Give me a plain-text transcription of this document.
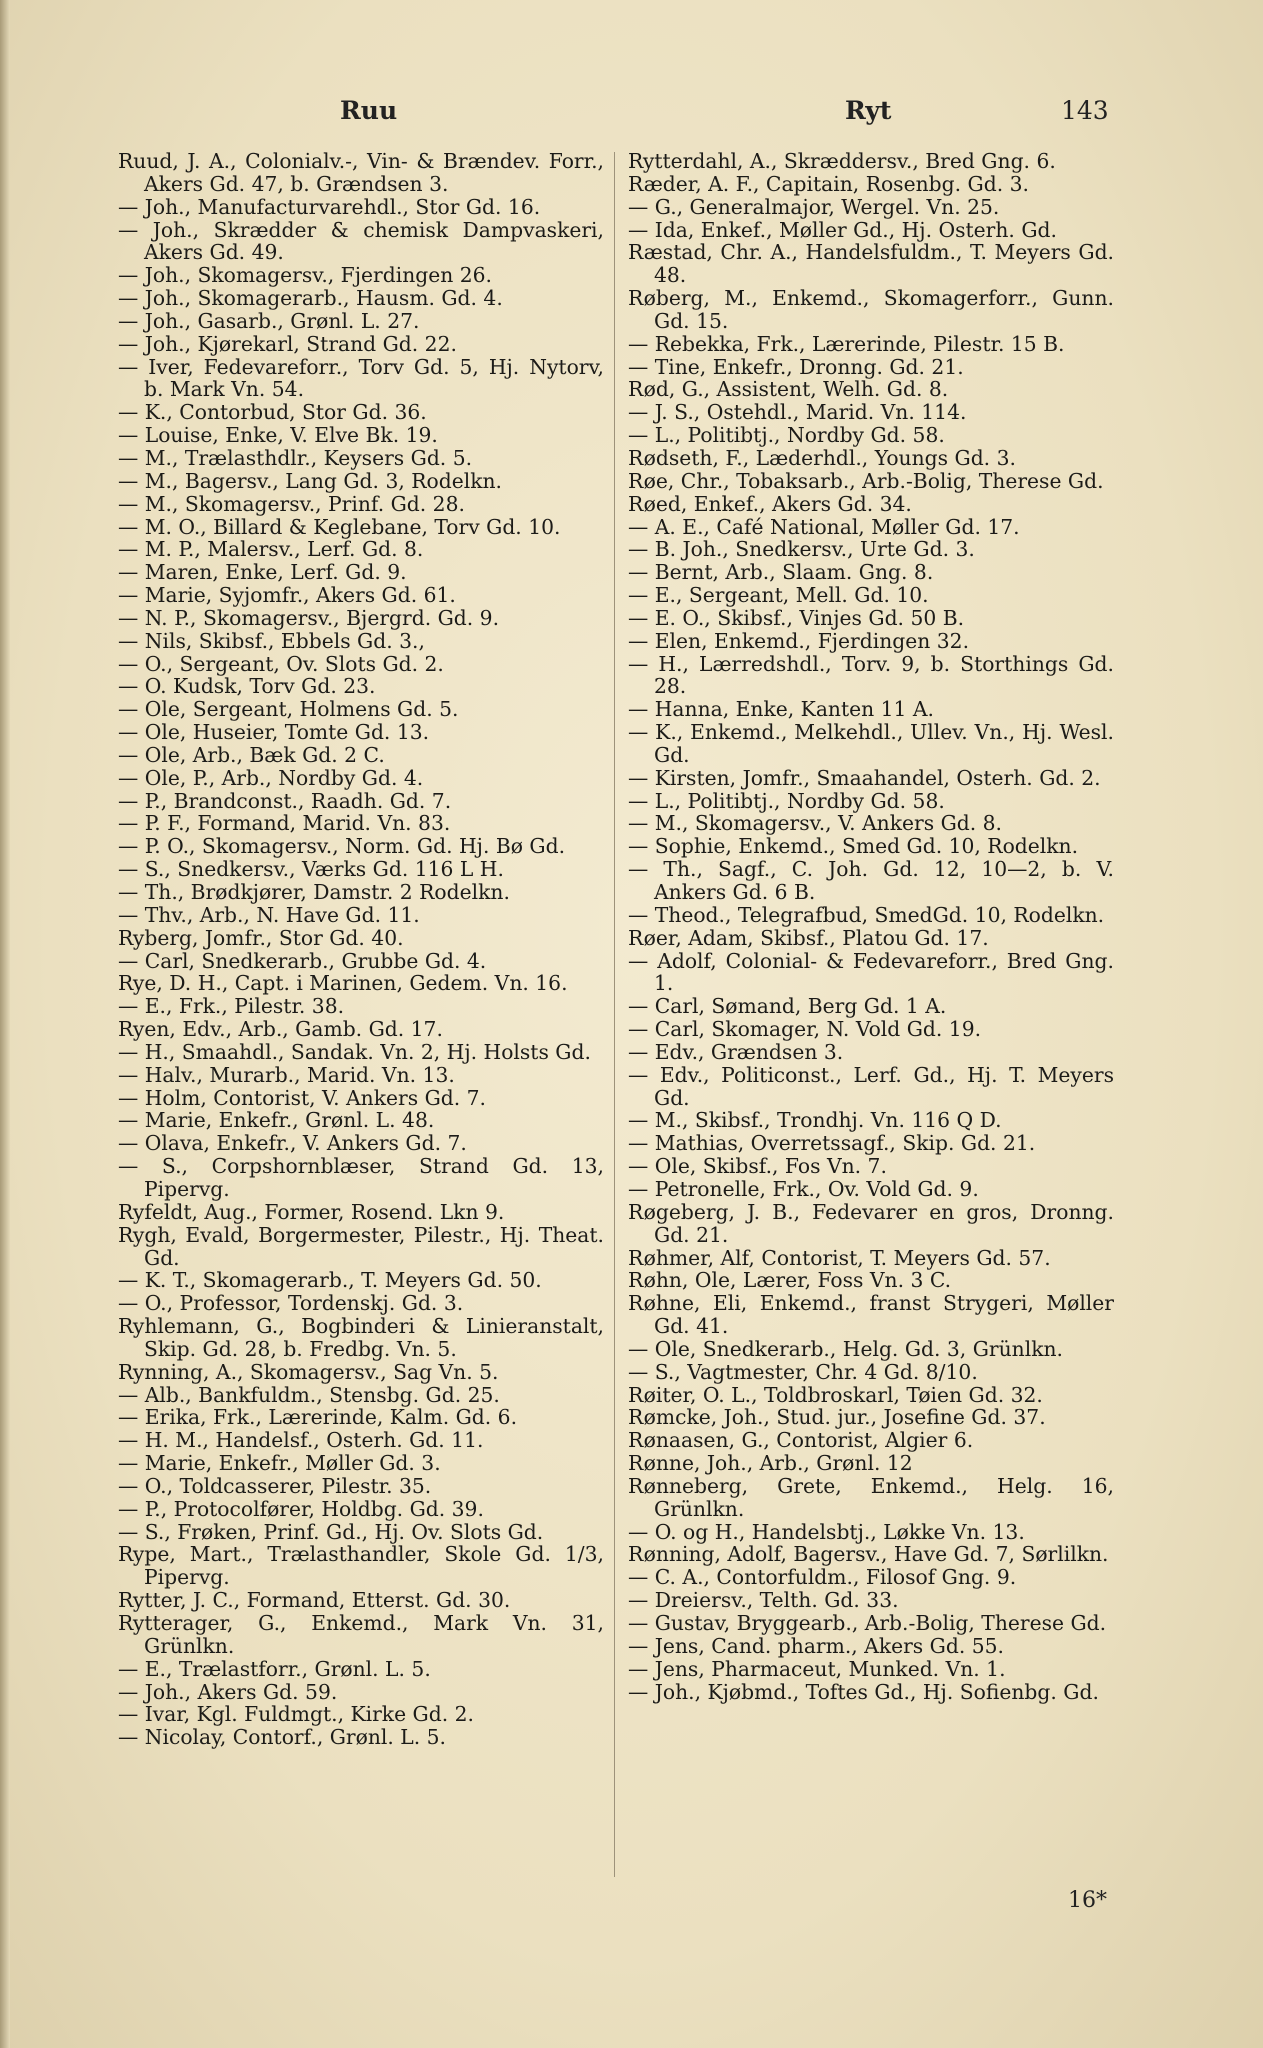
Ruu	Ryt	143

Ruud, J. A., Colonialv.-, Vin- & Brændev. Forr., Akers Gd. 47, b. Grændsen 3.

— Joh., Manufacturvarehdl., Stor Gd. 16.

— Joh., Skrædder & chemisk Dampvaskeri, Akers Gd. 49.

— Joh., Skomagersv., Fjerdingen 26.

— Joh., Skomagerarb., Hausm. Gd. 4.

— Joh., Gasarb., Grønl. L. 27.

— Joh., Kjørekarl, Strand Gd. 22.

— Iver, Fedevareforr., Torv Gd. 5, Hj. Nytorv, b. Mark Vn. 54.

— K., Contorbud, Stor Gd. 36.

— Louise, Enke, V. Elve Bk. 19.

— M., Trælasthdlr., Keysers Gd. 5.

— M., Bagersv., Lang Gd. 3, Rodelkn.

— M., Skomagersv., Prinf. Gd. 28.

— M. O., Billard & Keglebane, Torv Gd. 10.

— M. P., Malersv., Lerf. Gd. 8.

— Maren, Enke, Lerf. Gd. 9.

— Marie, Syjomfr., Akers Gd. 61.

— N. P., Skomagersv., Bjergrd. Gd. 9.

— Nils, Skibsf., Ebbels Gd. 3.,

— O., Sergeant, Ov. Slots Gd. 2.

— O. Kudsk, Torv Gd. 23.

— Ole, Sergeant, Holmens Gd. 5.

— Ole, Huseier, Tomte Gd. 13.

— Ole, Arb., Bæk Gd. 2 C.

— Ole, P., Arb., Nordby Gd. 4.

— P., Brandconst., Raadh. Gd. 7.

— P. F., Formand, Marid. Vn. 83.

— P. O., Skomagersv., Norm. Gd. Hj. Bø Gd.

— S., Snedkersv., Værks Gd. 116 L H.

— Th., Brødkjører, Damstr. 2 Rodelkn.

— Thv., Arb., N. Have Gd. 11.

Ryberg, Jomfr., Stor Gd. 40.

— Carl, Snedkerarb., Grubbe Gd. 4.

Rye, D. H., Capt. i Marinen, Gedem. Vn. 16.

— E., Frk., Pilestr. 38.

Ryen, Edv., Arb., Gamb. Gd. 17.

— H., Smaahdl., Sandak. Vn. 2, Hj. Holsts Gd.

— Halv., Murarb., Marid. Vn. 13.

— Holm, Contorist, V. Ankers Gd. 7.

— Marie, Enkefr., Grønl. L. 48.

— Olava, Enkefr., V. Ankers Gd. 7.

— S., Corpshornblæser, Strand Gd. 13, Pipervg.

Ryfeldt, Aug., Former, Rosend. Lkn 9.

Rygh, Evald, Borgermester, Pilestr., Hj. Theat. Gd.

— K. T., Skomagerarb., T. Meyers Gd. 50.

— O., Professor, Tordenskj. Gd. 3.

Ryhlemann, G., Bogbinderi & Linieranstalt, Skip. Gd. 28, b. Fredbg. Vn. 5.

Rynning, A., Skomagersv., Sag Vn. 5.

— Alb., Bankfuldm., Stensbg. Gd. 25.

— Erika, Frk., Lærerinde, Kalm. Gd. 6.

— H. M., Handelsf., Osterh. Gd. 11.

— Marie, Enkefr., Møller Gd. 3.

— O., Toldcasserer, Pilestr. 35.

— P., Protocolfører, Holdbg. Gd. 39.

— S., Frøken, Prinf. Gd., Hj. Ov. Slots Gd.

Rype, Mart., Trælasthandler, Skole Gd. 1/3, Pipervg.

Rytter, J. C., Formand, Etterst. Gd. 30.

Rytterager, G., Enkemd., Mark Vn. 31, Grünlkn.

— E., Trælastforr., Grønl. L. 5.

— Joh., Akers Gd. 59.

— Ivar, Kgl. Fuldmgt., Kirke Gd. 2.

— Nicolay, Contorf., Grønl. L. 5.

Rytterdahl, A., Skræddersv., Bred Gng. 6.

Ræder, A. F., Capitain, Rosenbg. Gd. 3.

— G., Generalmajor, Wergel. Vn. 25.

— Ida, Enkef., Møller Gd., Hj. Osterh. Gd.

Ræstad, Chr. A., Handelsfuldm., T. Meyers Gd. 48.

Røberg, M., Enkemd., Skomagerforr., Gunn. Gd. 15.

— Rebekka, Frk., Lærerinde, Pilestr. 15 B.

— Tine, Enkefr., Dronng. Gd. 21.

Rød, G., Assistent, Welh. Gd. 8.

— J. S., Ostehdl., Marid. Vn. 114.

— L., Politibtj., Nordby Gd. 58.

Rødseth, F., Læderhdl., Youngs Gd. 3.

Røe, Chr., Tobaksarb., Arb.-Bolig, Therese Gd.

Røed, Enkef., Akers Gd. 34.

— A. E., Café National, Møller Gd. 17.

— B. Joh., Snedkersv., Urte Gd. 3.

— Bernt, Arb., Slaam. Gng. 8.

— E., Sergeant, Mell. Gd. 10.

— E. O., Skibsf., Vinjes Gd. 50 B.

— Elen, Enkemd., Fjerdingen 32.

— H., Lærredshdl., Torv. 9, b. Storthings Gd. 28.

— Hanna, Enke, Kanten 11 A.

— K., Enkemd., Melkehdl., Ullev. Vn., Hj. Wesl. Gd.

— Kirsten, Jomfr., Smaahandel, Osterh. Gd. 2.

— L., Politibtj., Nordby Gd. 58.

— M., Skomagersv., V. Ankers Gd. 8.

— Sophie, Enkemd., Smed Gd. 10, Rodelkn.

— Th., Sagf., C. Joh. Gd. 12, 10—2, b. V. Ankers Gd. 6 B.

— Theod., Telegrafbud, SmedGd. 10, Rodelkn.

Røer, Adam, Skibsf., Platou Gd. 17.

— Adolf, Colonial- & Fedevareforr., Bred Gng. 1.

— Carl, Sømand, Berg Gd. 1 A.

— Carl, Skomager, N. Vold Gd. 19.

— Edv., Grændsen 3.

— Edv., Politiconst., Lerf. Gd., Hj. T. Meyers Gd.

— M., Skibsf., Trondhj. Vn. 116 Q D.

— Mathias, Overretssagf., Skip. Gd. 21.

— Ole, Skibsf., Fos Vn. 7.

— Petronelle, Frk., Ov. Vold Gd. 9.

Røgeberg, J. B., Fedevarer en gros, Dronng. Gd. 21.

Røhmer, Alf, Contorist, T. Meyers Gd. 57.

Røhn, Ole, Lærer, Foss Vn. 3 C.

Røhne, Eli, Enkemd., franst Strygeri, Møller Gd. 41.

— Ole, Snedkerarb., Helg. Gd. 3, Grünlkn.

— S., Vagtmester, Chr. 4 Gd. 8/10.

Røiter, O. L., Toldbroskarl, Tøien Gd. 32.

Rømcke, Joh., Stud. jur., Josefine Gd. 37.

Rønaasen, G., Contorist, Algier 6.

Rønne, Joh., Arb., Grønl. 12

Rønneberg, Grete, Enkemd., Helg. 16, Grünlkn.

— O. og H., Handelsbtj., Løkke Vn. 13.

Rønning, Adolf, Bagersv., Have Gd. 7, Sørlilkn.

— C. A., Contorfuldm., Filosof Gng. 9.

— Dreiersv., Telth. Gd. 33.

— Gustav, Bryggearb., Arb.-Bolig, Therese Gd.

— Jens, Cand. pharm., Akers Gd. 55.

— Jens, Pharmaceut, Munked. Vn. 1.

— Joh., Kjøbmd., Toftes Gd., Hj. Sofienbg. Gd.

16*
